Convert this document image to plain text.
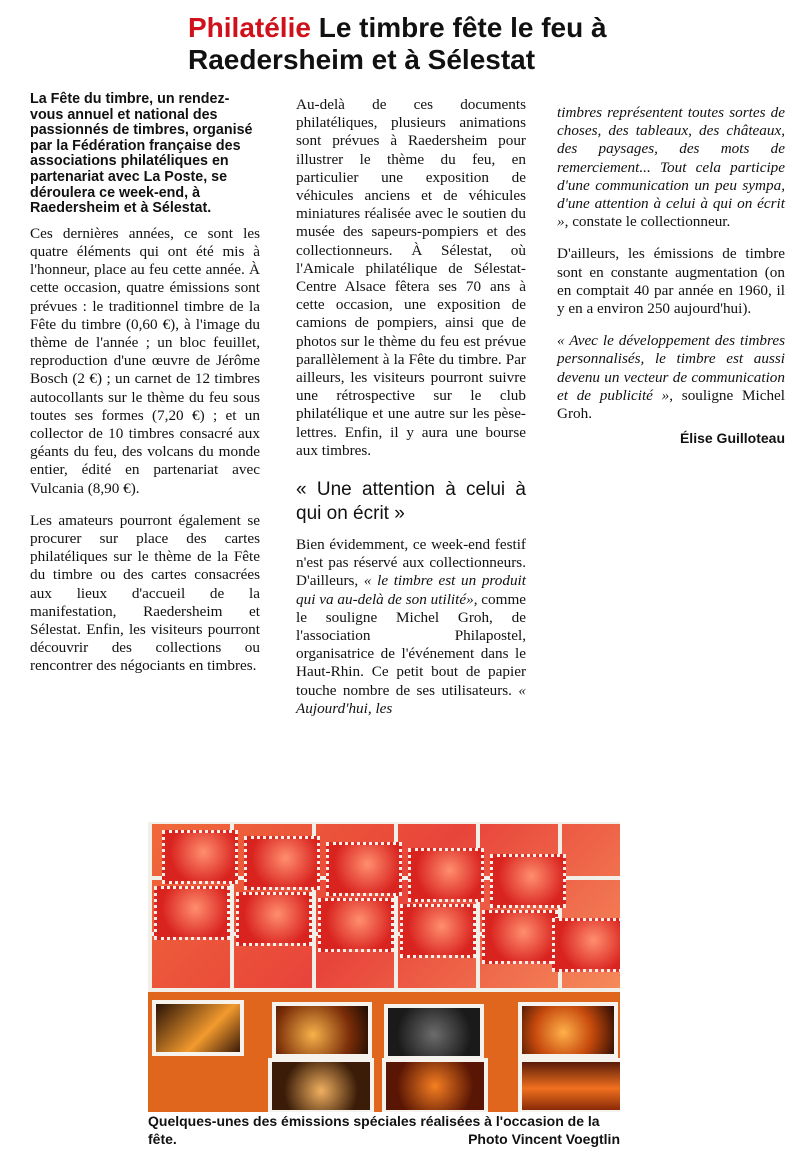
Philatélie Le timbre fête le feu à Raedersheim et à Sélestat

La Fête du timbre, un rendez-vous annuel et national des passionnés de timbres, organisé par la Fédération française des associations philatéliques en partenariat avec La Poste, se déroulera ce week-end, à Raedersheim et à Sélestat.

Ces dernières années, ce sont les quatre éléments qui ont été mis à l'honneur, place au feu cette année. À cette occasion, quatre émissions sont prévues : le traditionnel timbre de la Fête du timbre (0,60 €), à l'image du thème de l'année ; un bloc feuillet, reproduction d'une œuvre de Jérôme Bosch (2 €) ; un carnet de 12 timbres autocollants sur le thème du feu sous toutes ses formes (7,20 €) ; et un collector de 10 timbres consacré aux géants du feu, des volcans du monde entier, édité en partenariat avec Vulcania (8,90 €).

Les amateurs pourront également se procurer sur place des cartes philatéliques sur le thème de la Fête du timbre ou des cartes consacrées aux lieux d'accueil de la manifestation, Raedersheim et Sélestat. Enfin, les visiteurs pourront découvrir des collections ou rencontrer des négociants en timbres.

Au-delà de ces documents philatéliques, plusieurs animations sont prévues à Raedersheim pour illustrer le thème du feu, en particulier une exposition de véhicules anciens et de véhicules miniatures réalisée avec le soutien du musée des sapeurs-pompiers et des collectionneurs. À Sélestat, où l'Amicale philatélique de Sélestat-Centre Alsace fêtera ses 70 ans à cette occasion, une exposition de camions de pompiers, ainsi que de photos sur le thème du feu est prévue parallèlement à la Fête du timbre. Par ailleurs, les visiteurs pourront suivre une rétrospective sur le club philatélique et une autre sur les pèse-lettres. Enfin, il y aura une bourse aux timbres.

« Une attention à celui à qui on écrit »

Bien évidemment, ce week-end festif n'est pas réservé aux collectionneurs. D'ailleurs, « le timbre est un produit qui va au-delà de son utilité», comme le souligne Michel Groh, de l'association Philapostel, organisatrice de l'événement dans le Haut-Rhin. Ce petit bout de papier touche nombre de ses utilisateurs. « Aujourd'hui, les

timbres représentent toutes sortes de choses, des tableaux, des châteaux, des paysages, des mots de remerciement... Tout cela participe d'une communication un peu sympa, d'une attention à celui à qui on écrit », constate le collectionneur.

D'ailleurs, les émissions de timbre sont en constante augmentation (on en comptait 40 par année en 1960, il y en a environ 250 aujourd'hui).

« Avec le développement des timbres personnalisés, le timbre est aussi devenu un vecteur de communication et de publicité », souligne Michel Groh.

Élise Guilloteau
Quelques-unes des émissions spéciales réalisées à l'occasion de la fête.	Photo Vincent Voegtlin
